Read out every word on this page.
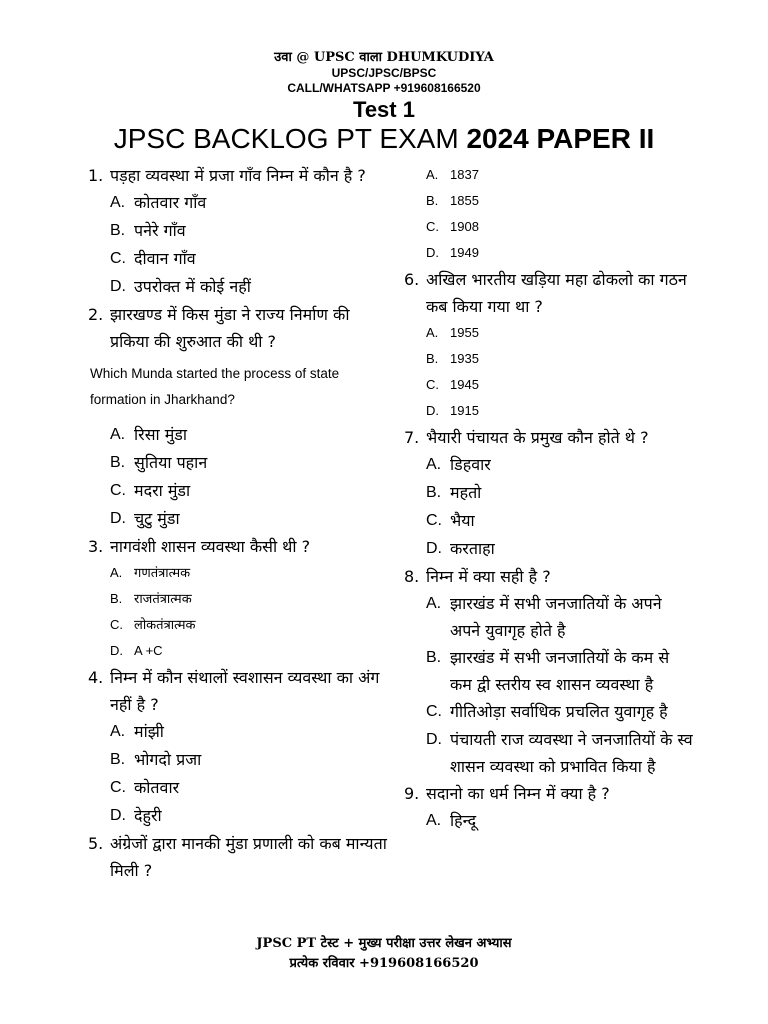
उवा @ UPSC वाला DHUMKUDIYA
UPSC/JPSC/BPSC
CALL/WHATSAPP +919608166520
Test 1
JPSC BACKLOG PT EXAM 2024 PAPER II
1. पड़हा व्यवस्था में प्रजा गाँव निम्न में कौन है ?
A. कोतवार गाँव
B. पनेरे गाँव
C. दीवान गाँव
D. उपरोक्त में कोई नहीं
2. झारखण्ड में किस मुंडा ने राज्य निर्माण की प्रकिया की शुरुआत की थी ?
Which Munda started the process of state formation in Jharkhand?
A. रिसा मुंडा
B. सुतिया पहान
C. मदरा मुंडा
D. चुटु मुंडा
3. नागवंशी शासन व्यवस्था कैसी थी ?
A. गणतंत्रात्मक
B. राजतंत्रात्मक
C. लोकतंत्रात्मक
D. A +C
4. निम्न में कौन संथालों स्वशासन व्यवस्था का अंग नहीं है ?
A. मांझी
B. भोगदो प्रजा
C. कोतवार
D. देहुरी
5. अंग्रेजों द्वारा मानकी मुंडा प्रणाली को कब मान्यता मिली ?
A. 1837
B. 1855
C. 1908
D. 1949
6. अखिल भारतीय खड़िया महा ढोकलो का गठन कब किया गया था ?
A. 1955
B. 1935
C. 1945
D. 1915
7. भैयारी पंचायत के प्रमुख कौन होते थे ?
A. डिहवार
B. महतो
C. भैया
D. करताहा
8. निम्न में क्या सही है ?
A. झारखंड में सभी जनजातियों के अपने अपने युवागृह होते है
B. झारखंड में सभी जनजातियों के कम से कम द्वी स्तरीय स्व शासन व्यवस्था है
C. गीतिओड़ा सर्वाधिक प्रचलित युवागृह है
D. पंचायती राज व्यवस्था ने जनजातियों के स्व शासन व्यवस्था को प्रभावित किया है
9. सदानो का धर्म निम्न में क्या है ?
A. हिन्दू
JPSC PT टेस्ट + मुख्य परीक्षा उत्तर लेखन अभ्यास
प्रत्येक रविवार +919608166520
